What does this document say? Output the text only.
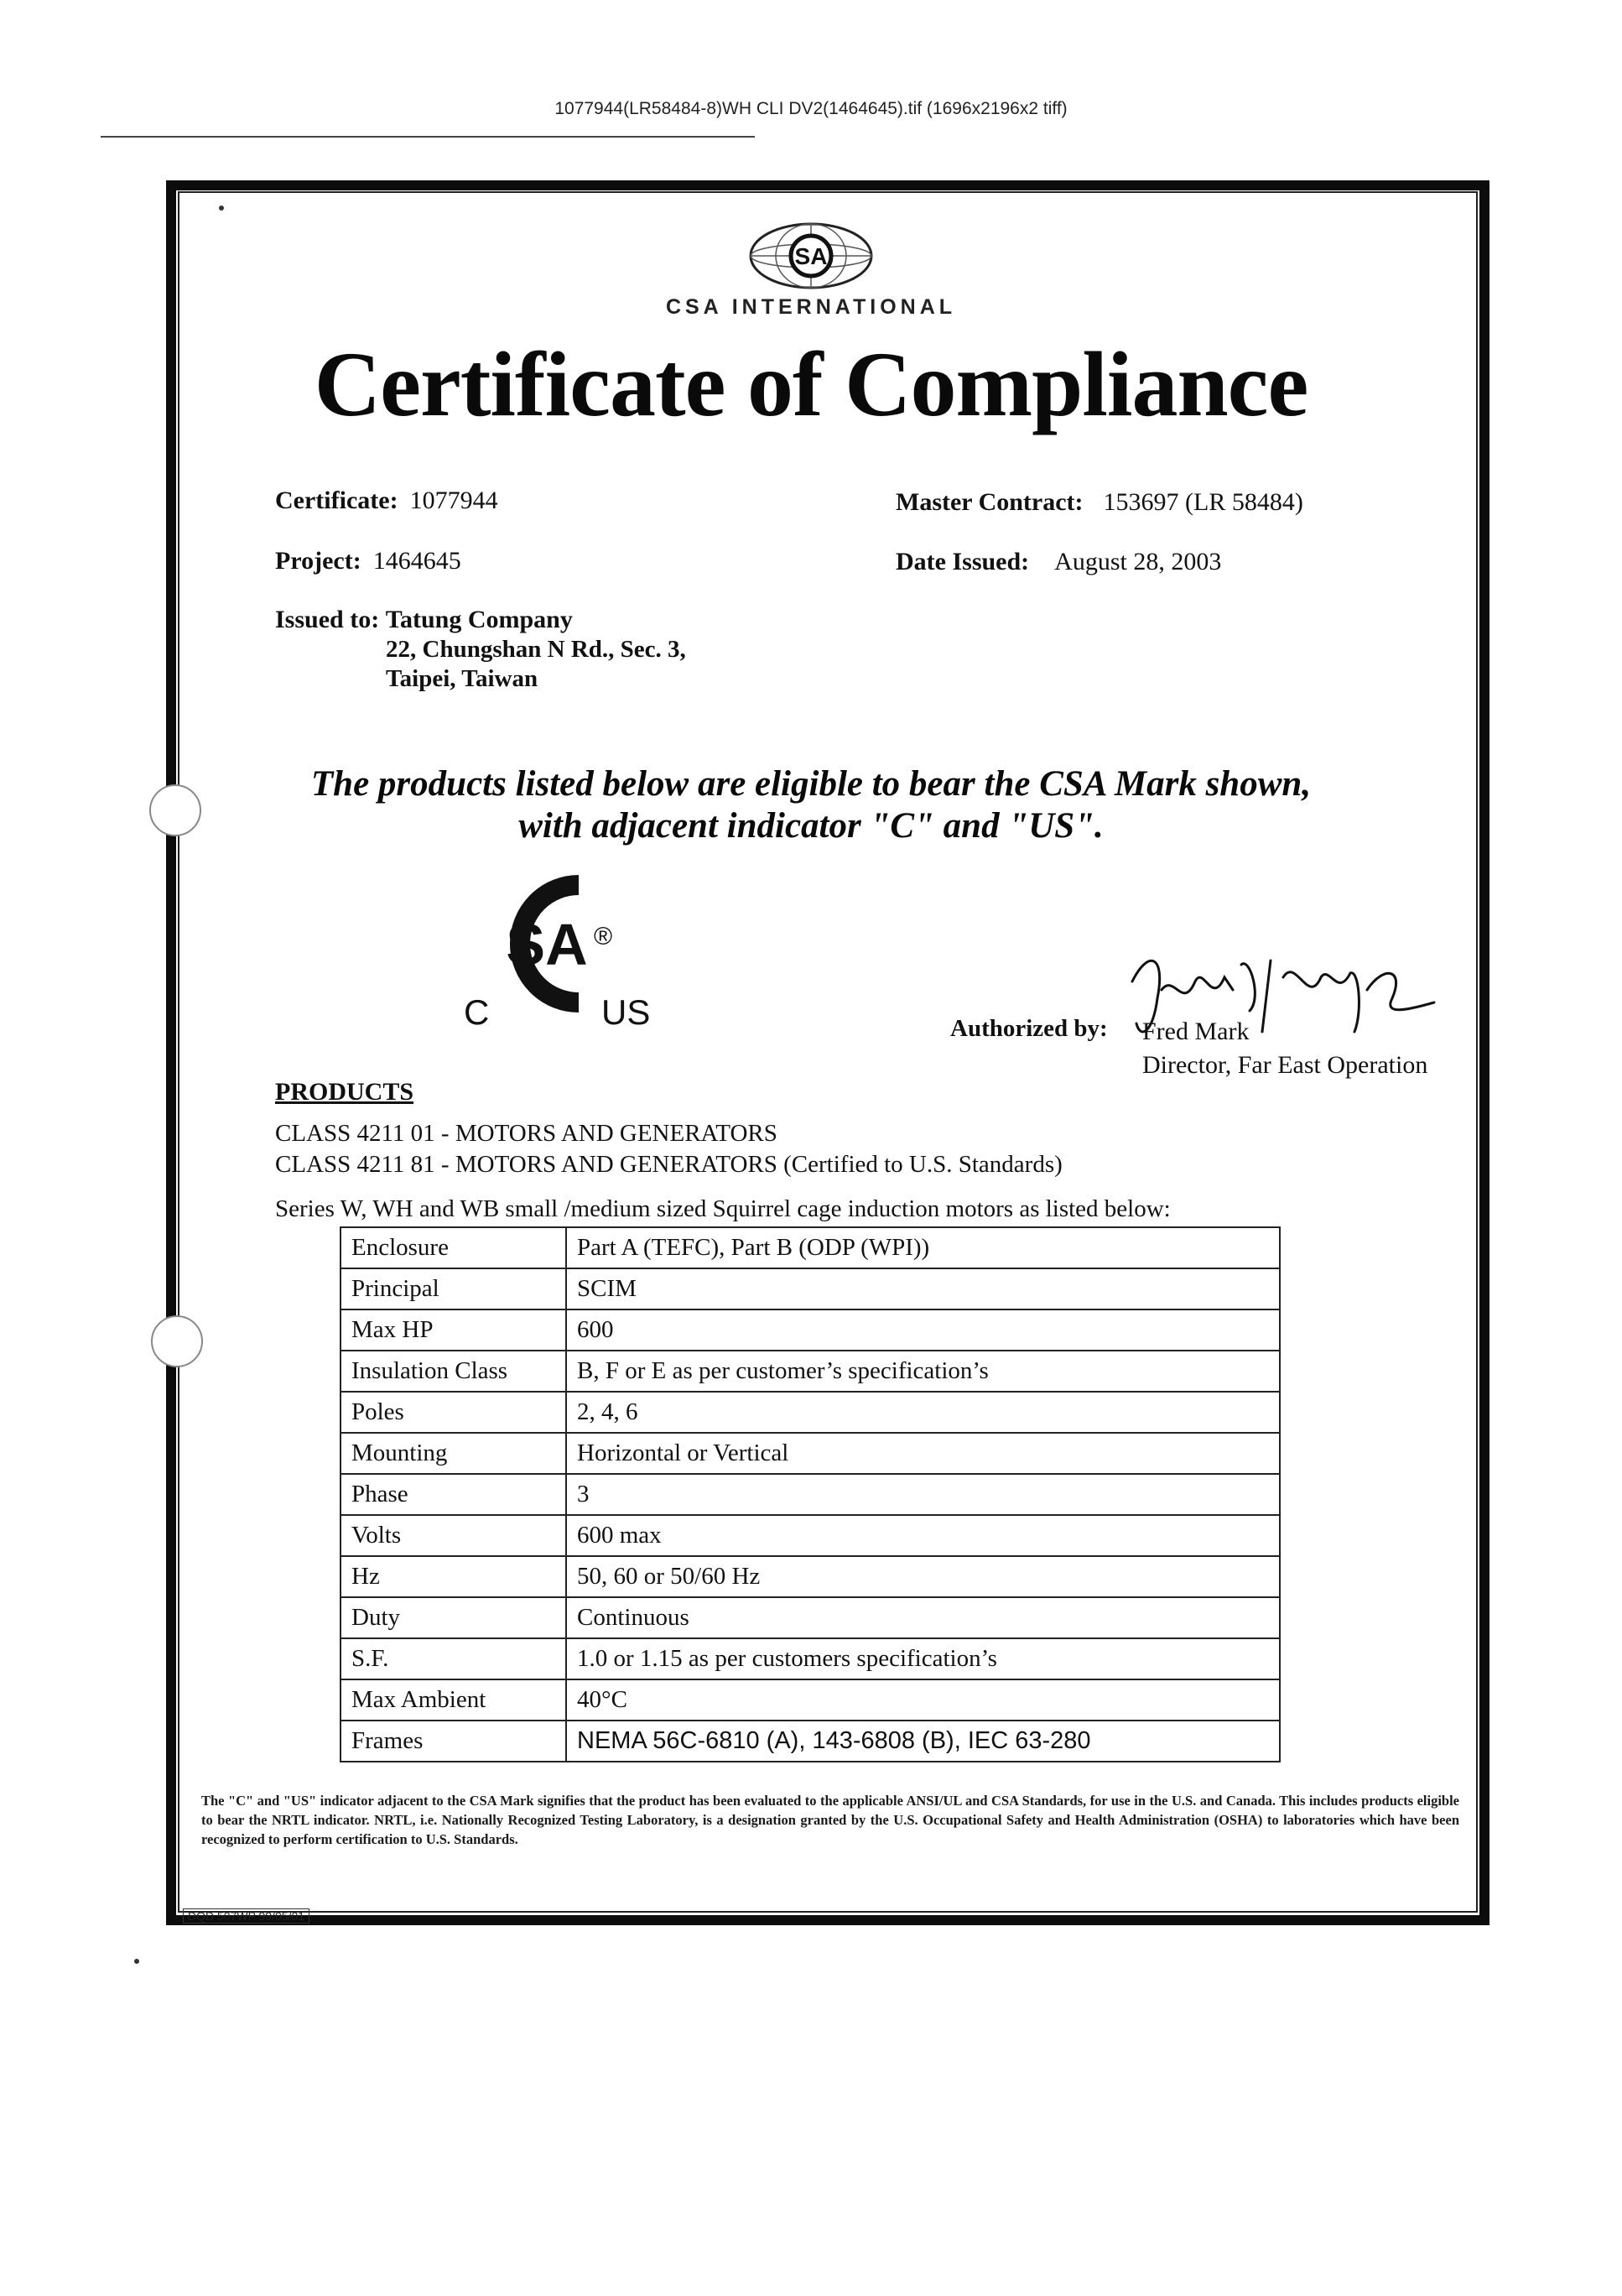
1077944(LR58484-8)WH CLI DV2(1464645).tif (1696x2196x2 tiff)
SA
CSA INTERNATIONAL
Certificate of Compliance
Certificate: 1077944
Project: 1464645
Master Contract: 153697 (LR 58484)
Date Issued: August 28, 2003
Issued to: Tatung Company
22, Chungshan N Rd., Sec. 3,
Taipei, Taiwan
The products listed below are eligible to bear the CSA Mark shown,
with adjacent indicator "C" and "US".
SA ®
C	US	Authorized by: Fred Mark
Director, Far East Operation
PRODUCTS
CLASS 4211 01 - MOTORS AND GENERATORS
CLASS 4211 81 - MOTORS AND GENERATORS (Certified to U.S. Standards)
Series W, WH and WB small /medium sized Squirrel cage induction motors as listed below:
Enclosure	Part A (TEFC), Part B (ODP (WPI))
Principal	SCIM
Max HP	600
Insulation Class	B, F or E as per customer’s specification’s
Poles	2, 4, 6
Mounting	Horizontal or Vertical
Phase	3
Volts	600 max
Hz	50, 60 or 50/60 Hz
Duty	Continuous
S.F.	1.0 or 1.15 as per customers specification’s
Max Ambient	40°C
Frames	NEMA 56C-6810 (A), 143-6808 (B), IEC 63-280
The "C" and "US" indicator adjacent to the CSA Mark signifies that the product has been evaluated to the applicable ANSI/UL and CSA Standards, for use in the U.S. and Canada. This includes products eligible to bear the NRTL indicator. NRTL, i.e. Nationally Recognized Testing Laboratory, is a designation granted by the U.S. Occupational Safety and Health Administration (OSHA) to laboratories which have been recognized to perform certification to U.S. Standards.
DQD 507WP 99/05/01
